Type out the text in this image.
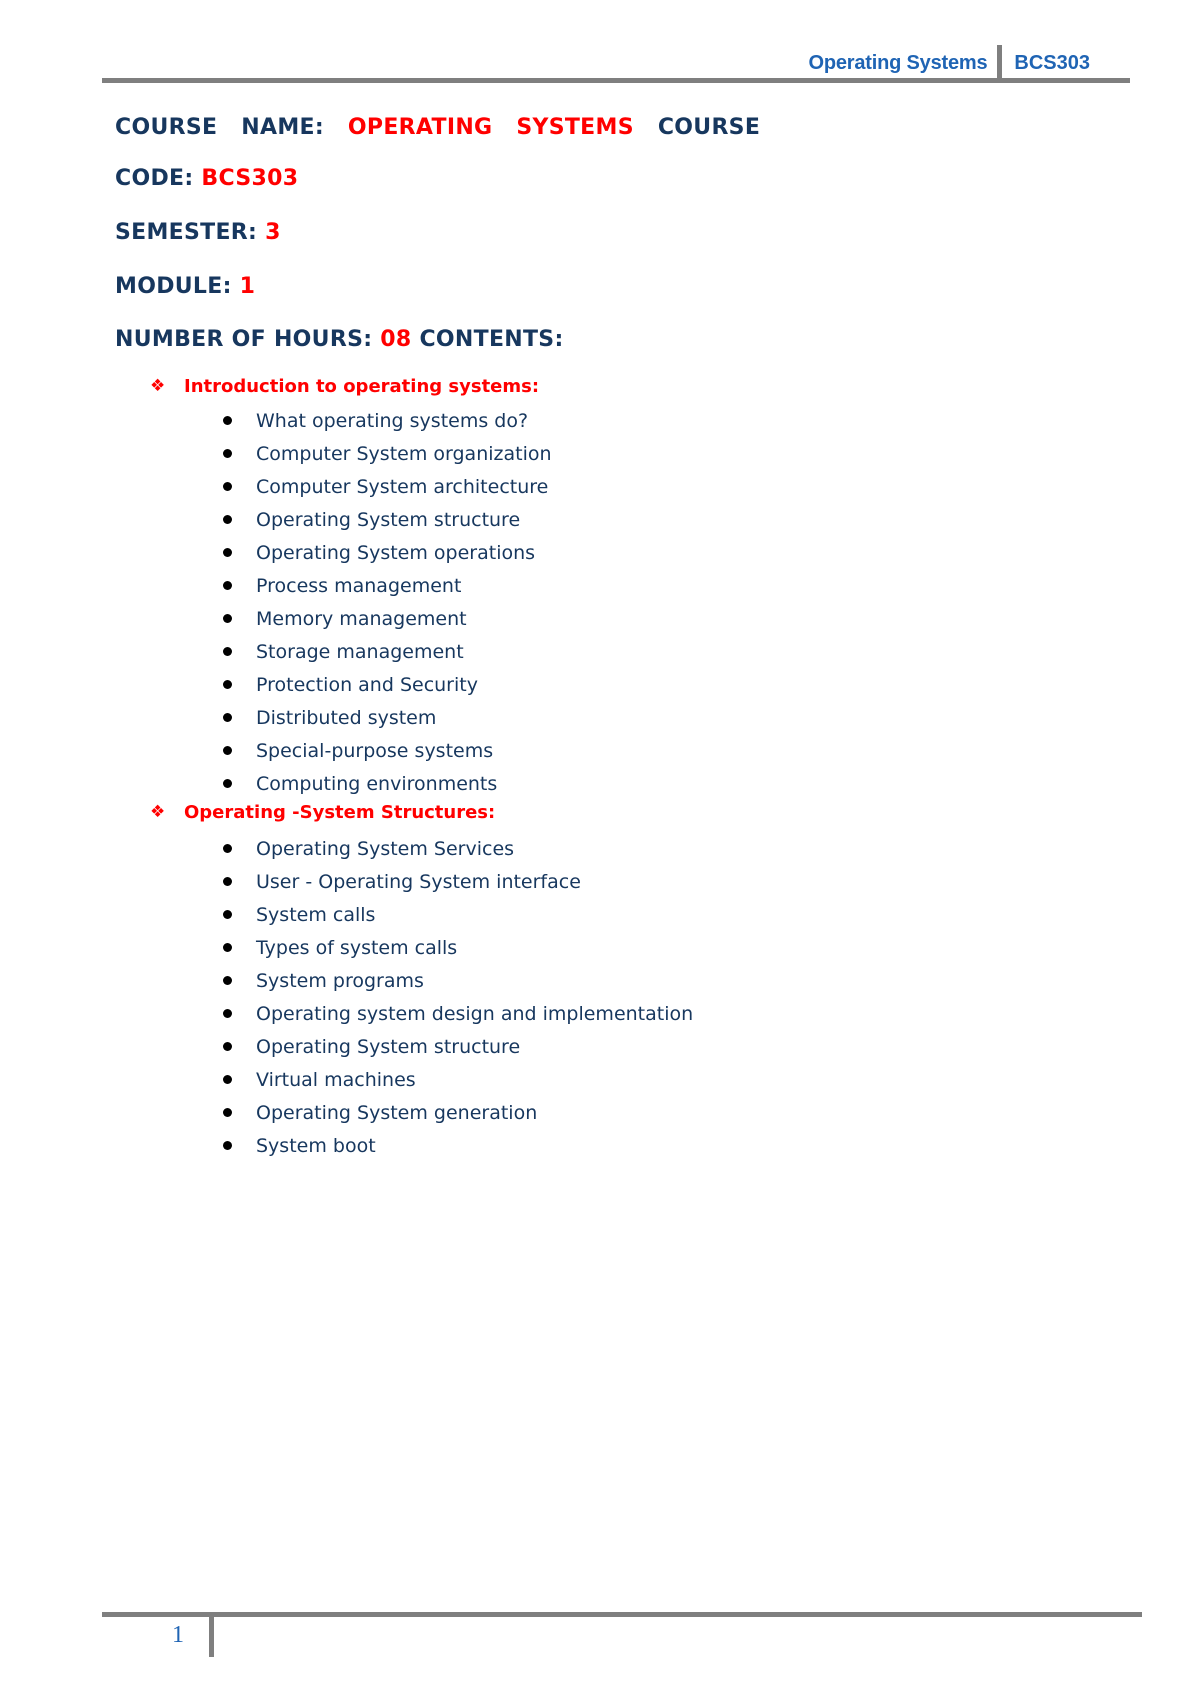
Operating Systems	BCS303
COURSE NAME: OPERATING SYSTEMS COURSE
CODE: BCS303
SEMESTER: 3
MODULE: 1
NUMBER OF HOURS: 08 CONTENTS:
❖ Introduction to operating systems:
What operating systems do?
Computer System organization
Computer System architecture
Operating System structure
Operating System operations
Process management
Memory management
Storage management
Protection and Security
Distributed system
Special-purpose systems
Computing environments
❖ Operating -System Structures:
Operating System Services
User - Operating System interface
System calls
Types of system calls
System programs
Operating system design and implementation
Operating System structure
Virtual machines
Operating System generation
System boot
1
